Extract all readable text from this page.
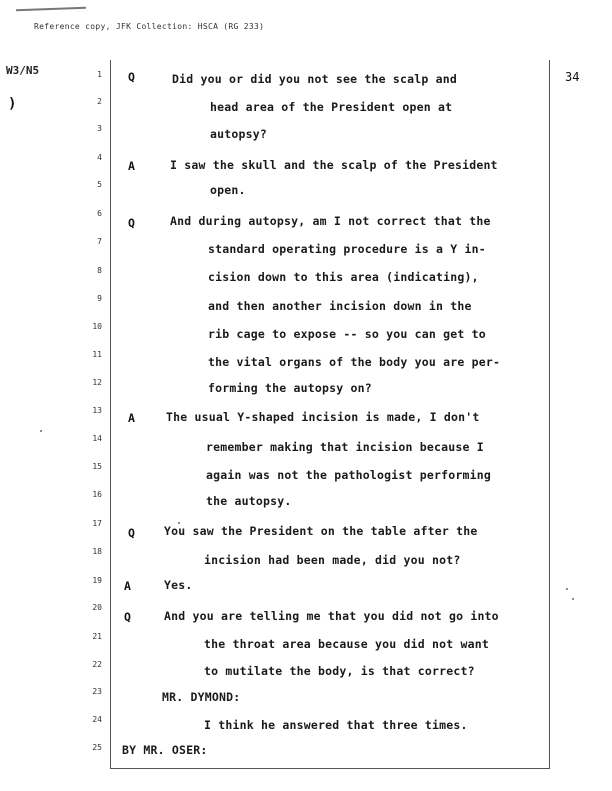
Reference copy, JFK Collection: HSCA (RG 233)
W3/N5
)
34
1 Q	Did you or did you not see the scalp and
2	head area of the President open at
3	autopsy?
4
A	I saw the skull and the scalp of the President
5	open.
6
Q	And during autopsy, am I not correct that the
7
standard operating procedure is a Y in-
8	cision down to this area (indicating),
9
and then another incision down in the
10
rib cage to expose -- so you can get to
11
the vital organs of the body you are per-
12	forming the autopsy on?
13
A	The usual Y-shaped incision is made, I don't
14
remember making that incision because I
15
again was not the pathologist performing
16	the autopsy.
17
Q	You saw the President on the table after the
18
incision had been made, did you not?
19 A	Yes.
20
Q	And you are telling me that you did not go into
21
the throat area because you did not want
22	to mutilate the body, is that correct?
23	MR. DYMOND:
24	I think he answered that three times.
25 BY MR. OSER:
